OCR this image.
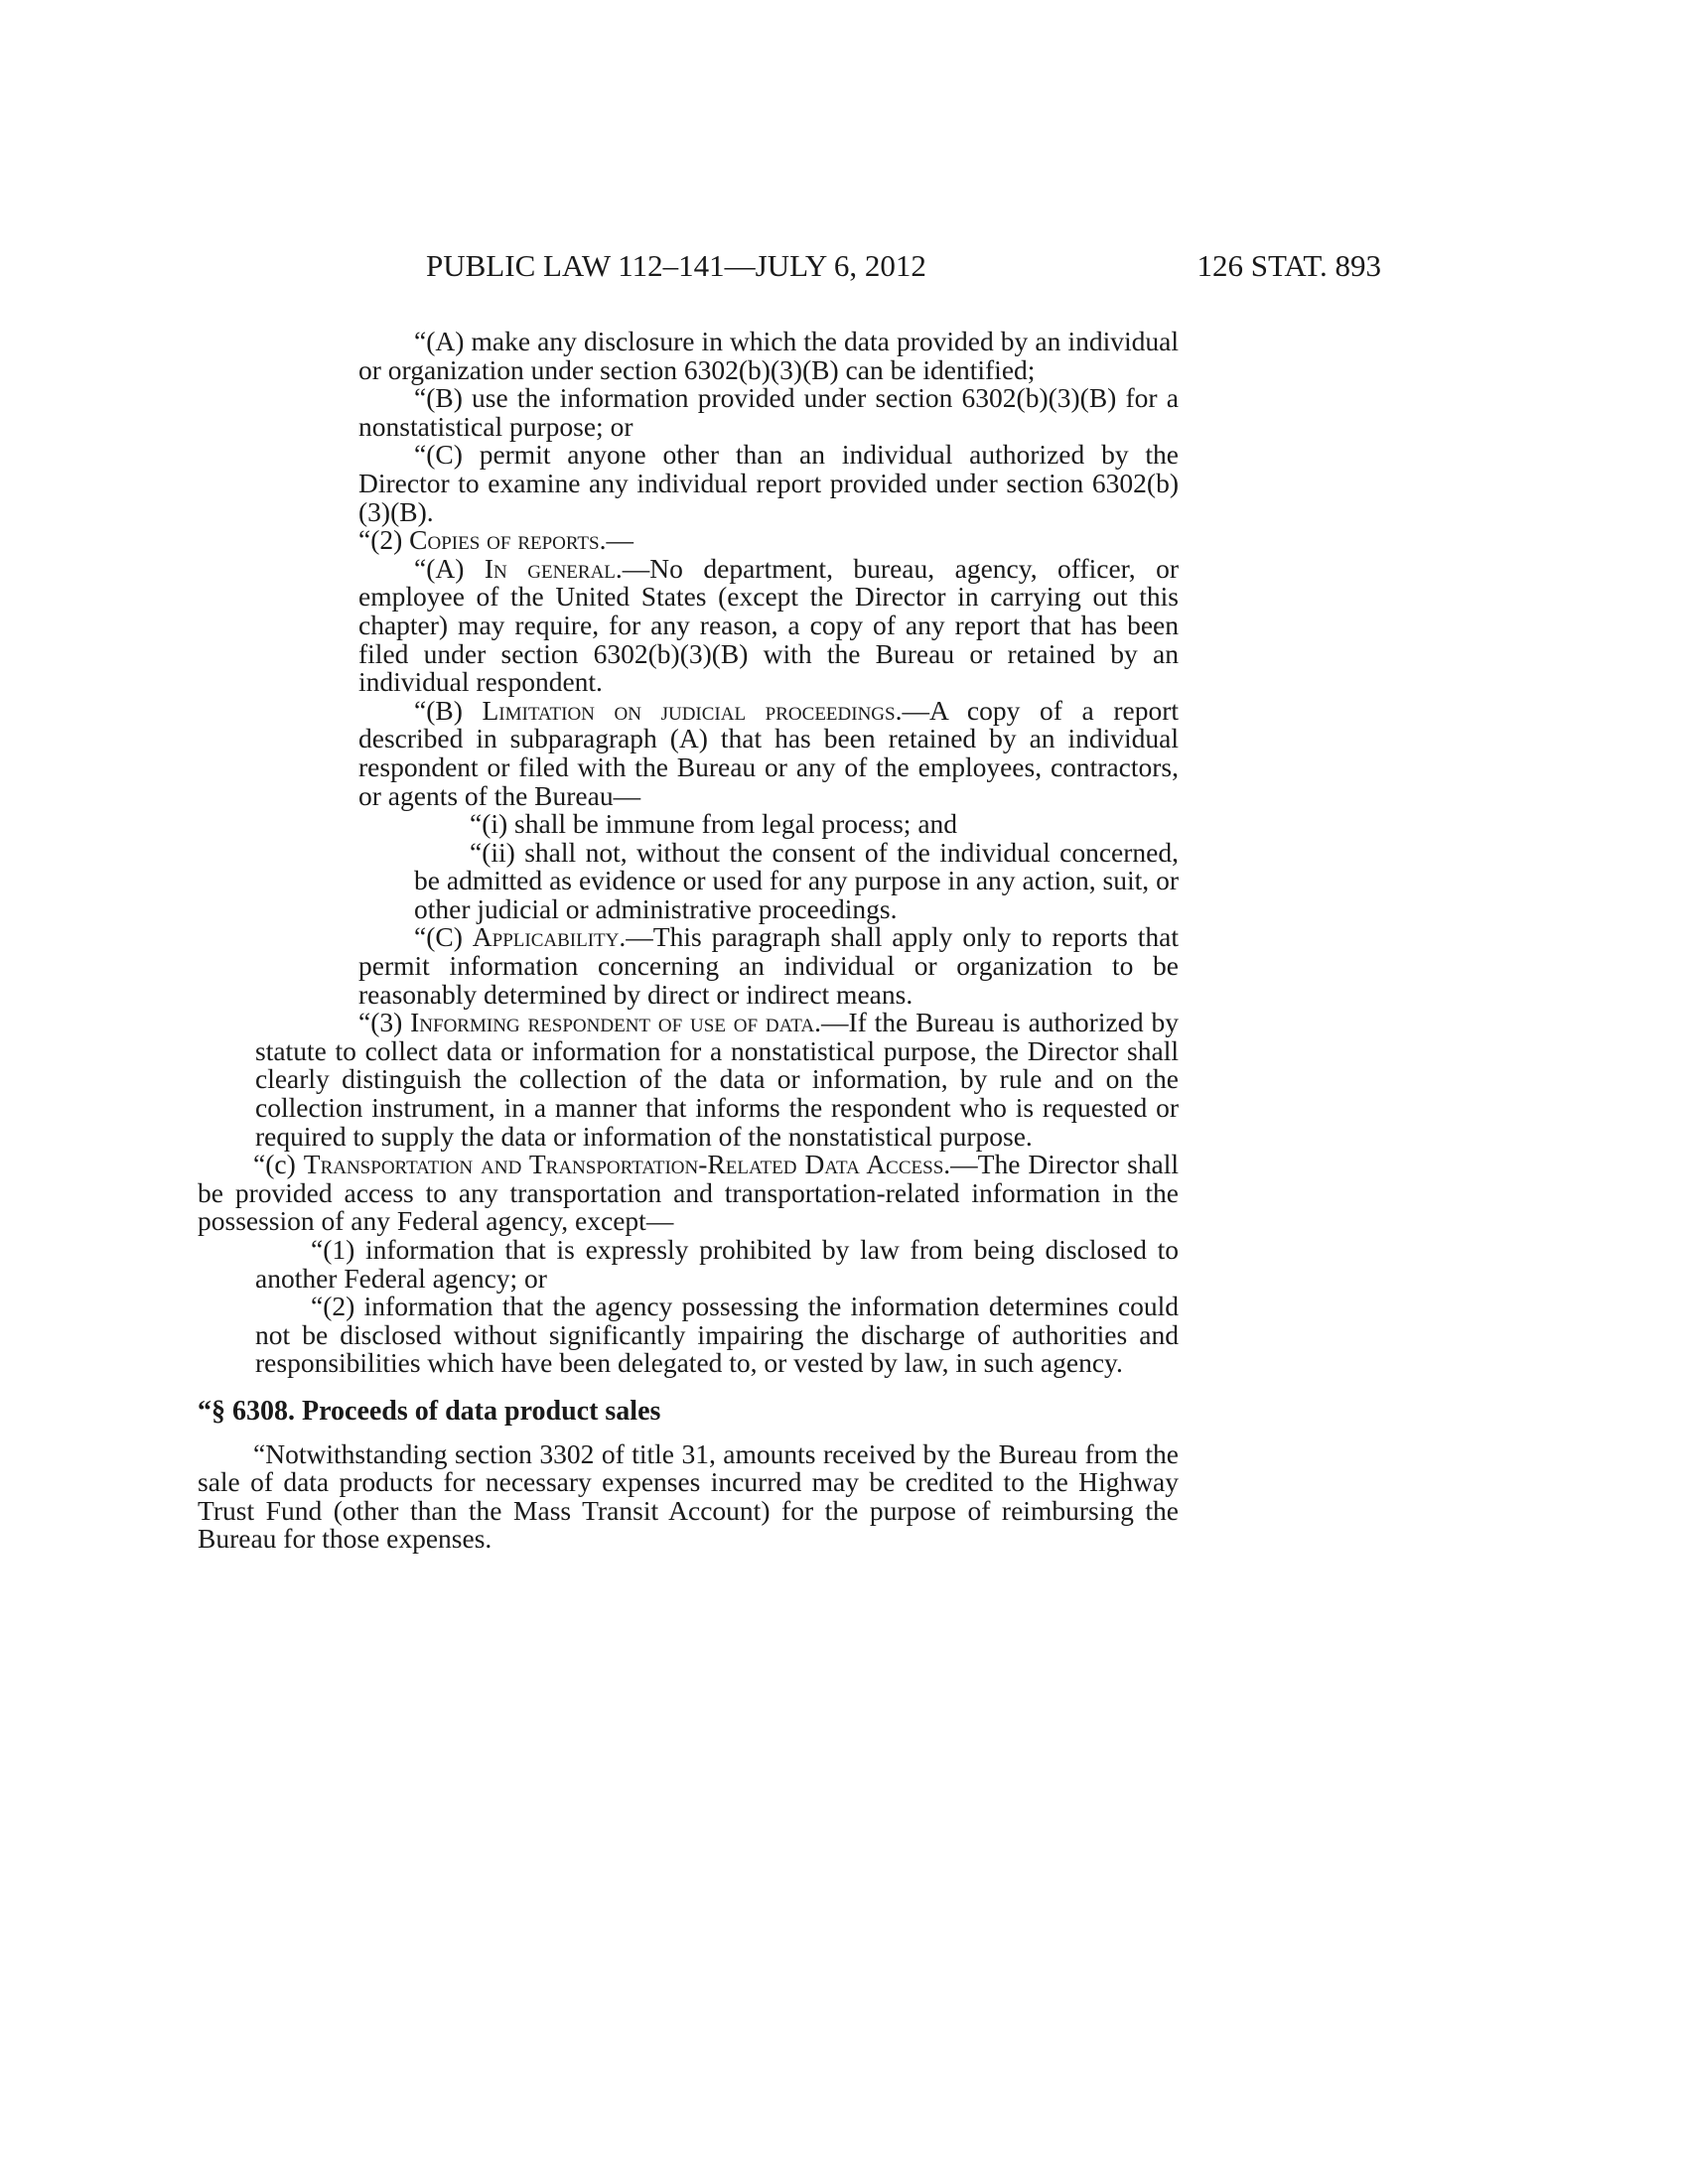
PUBLIC LAW 112–141—JULY 6, 2012	126 STAT. 893

“(A) make any disclosure in which the data provided by an individual or organization under section 6302(b)(3)(B) can be identified;

“(B) use the information provided under section 6302(b)(3)(B) for a nonstatistical purpose; or

“(C) permit anyone other than an individual authorized by the Director to examine any individual report provided under section 6302(b)(3)(B).

“(2) Copies of reports.—

“(A) In general.—No department, bureau, agency, officer, or employee of the United States (except the Director in carrying out this chapter) may require, for any reason, a copy of any report that has been filed under section 6302(b)(3)(B) with the Bureau or retained by an individual respondent.

“(B) Limitation on judicial proceedings.—A copy of a report described in subparagraph (A) that has been retained by an individual respondent or filed with the Bureau or any of the employees, contractors, or agents of the Bureau—

“(i) shall be immune from legal process; and

“(ii) shall not, without the consent of the individual concerned, be admitted as evidence or used for any purpose in any action, suit, or other judicial or administrative proceedings.

“(C) Applicability.—This paragraph shall apply only to reports that permit information concerning an individual or organization to be reasonably determined by direct or indirect means.

“(3) Informing respondent of use of data.—If the Bureau is authorized by statute to collect data or information for a nonstatistical purpose, the Director shall clearly distinguish the collection of the data or information, by rule and on the collection instrument, in a manner that informs the respondent who is requested or required to supply the data or information of the nonstatistical purpose.

“(c) Transportation and Transportation-Related Data Access.—The Director shall be provided access to any transportation and transportation-related information in the possession of any Federal agency, except—

“(1) information that is expressly prohibited by law from being disclosed to another Federal agency; or

“(2) information that the agency possessing the information determines could not be disclosed without significantly impairing the discharge of authorities and responsibilities which have been delegated to, or vested by law, in such agency.

“§ 6308. Proceeds of data product sales

“Notwithstanding section 3302 of title 31, amounts received by the Bureau from the sale of data products for necessary expenses incurred may be credited to the Highway Trust Fund (other than the Mass Transit Account) for the purpose of reimbursing the Bureau for those expenses.
